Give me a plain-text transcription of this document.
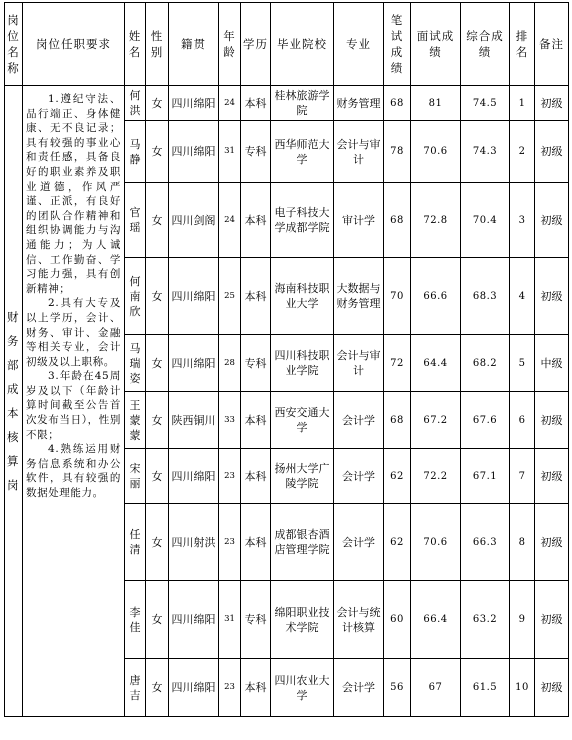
岗位名称	岗位任职要求	姓名	性别	籍贯	年龄	学历	毕业院校	专业	笔试成绩	面试成绩	综合成绩	排名	备注
财务部成本核算岗	1.遵纪守法、品行端正、身体健康、无不良记录；具有较强的事业心和责任感，具备良好的职业素养及职业道德，作风严谨、正派，有良好的团队合作精神和组织协调能力与沟通能力；为人诚信、工作勤奋、学习能力强，具有创新精神；

2.具有大专及以上学历，会计、财务、审计、金融等相关专业，会计初级及以上职称。

3.年龄在45周岁及以下（年龄计算时间截至公告首次发布当日），性别不限；

4.熟练运用财务信息系统和办公软件，具有较强的数据处理能力。	何洪	女	四川绵阳	24	本科	桂林旅游学院	财务管理	68	81	74.5	1	初级
		马静	女	四川绵阳	31	专科	西华师范大学	会计与审计	78	70.6	74.3	2	初级
		官瑶	女	四川剑阁	24	本科	电子科技大学成都学院	审计学	68	72.8	70.4	3	初级
		何南欣	女	四川绵阳	25	本科	海南科技职业大学	大数据与财务管理	70	66.6	68.3	4	初级
		马瑞姿	女	四川绵阳	28	专科	四川科技职业学院	会计与审计	72	64.4	68.2	5	中级
		王蒙蒙	女	陕西铜川	33	本科	西安交通大学	会计学	68	67.2	67.6	6	初级
		宋丽	女	四川绵阳	23	本科	扬州大学广陵学院	会计学	62	72.2	67.1	7	初级
		任清	女	四川射洪	23	本科	成都银杏酒店管理学院	会计学	62	70.6	66.3	8	初级
		李佳	女	四川绵阳	31	专科	绵阳职业技术学院	会计与统计核算	60	66.4	63.2	9	初级
		唐吉	女	四川绵阳	23	本科	四川农业大学	会计学	56	67	61.5	10	初级
